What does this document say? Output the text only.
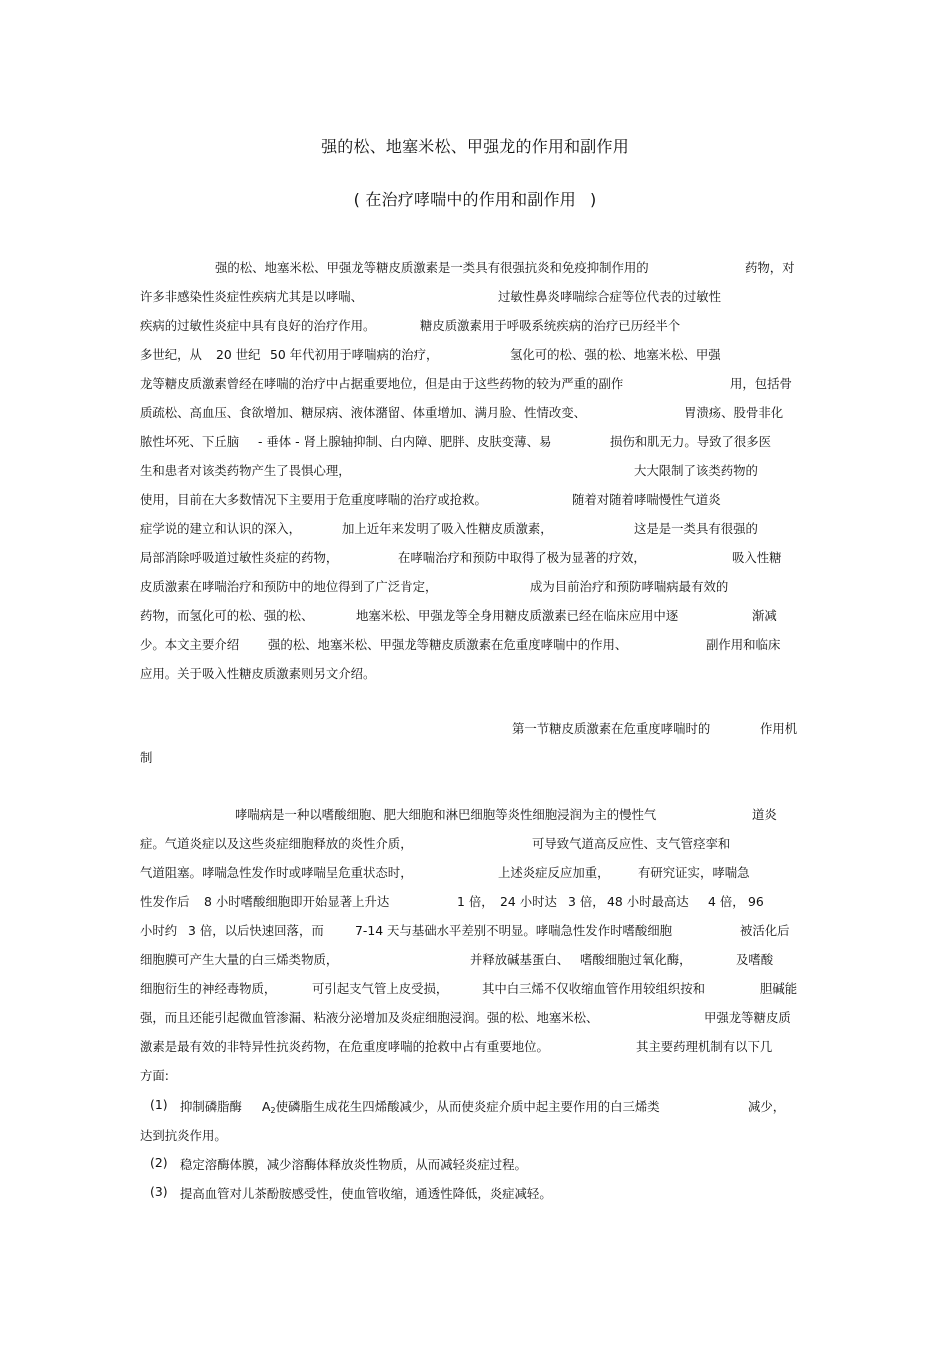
强的松、地塞米松、甲强龙的作用和副作用
( 在治疗哮喘中的作用和副作用 )

强的松、地塞米松、甲强龙等糖皮质激素是一类具有很强抗炎和免疫抑制作用的

	药物，对

许多非感染性炎症性疾病尤其是以哮喘、

	过敏性鼻炎哮喘综合症等位代表的过敏性

疾病的过敏性炎症中具有良好的治疗作用。

	糖皮质激素用于呼吸系统疾病的治疗已历经半个

多世纪，从

20 世纪

50 年代初用于哮喘病的治疗，

	氢化可的松、强的松、地塞米松、甲强

龙等糖皮质激素曾经在哮喘的治疗中占据重要地位，但是由于这些药物的较为严重的副作

	用，包括骨

质疏松、高血压、食欲增加、糖尿病、液体潴留、体重增加、满月脸、性情改变、

	胃溃疡、股骨非化

脓性坏死、下丘脑

- 垂体 - 肾上腺轴抑制、白内障、肥胖、皮肤变薄、易

	损伤和肌无力。导致了很多医

生和患者对该类药物产生了畏惧心理，

	大大限制了该类药物的

使用，目前在大多数情况下主要用于危重度哮喘的治疗或抢救。

	随着对随着哮喘慢性气道炎

症学说的建立和认识的深入，

	加上近年来发明了吸入性糖皮质激素，

	这是是一类具有很强的

局部消除呼吸道过敏性炎症的药物，

	在哮喘治疗和预防中取得了极为显著的疗效，

	吸入性糖

皮质激素在哮喘治疗和预防中的地位得到了广泛肯定，

	成为目前治疗和预防哮喘病最有效的

药物，而氢化可的松、强的松、

	地塞米松、甲强龙等全身用糖皮质激素已经在临床应用中逐

	渐减

少。本文主要介绍

强的松、地塞米松、甲强龙等糖皮质激素在危重度哮喘中的作用、

	副作用和临床

应用。关于吸入性糖皮质激素则另文介绍。

第一节糖皮质激素在危重度哮喘时的

	作用机

制

哮喘病是一种以嗜酸细胞、肥大细胞和淋巴细胞等炎性细胞浸润为主的慢性气

	道炎

症。气道炎症以及这些炎症细胞释放的炎性介质，

	可导致气道高反应性、支气管痉挛和

气道阻塞。哮喘急性发作时或哮喘呈危重状态时，

	上述炎症反应加重，

有研究证实，哮喘急

性发作后

8 小时嗜酸细胞即开始显著上升达

	1 倍，

24 小时达

3 倍，

48 小时最高达

4 倍，

96

小时约

3 倍，以后快速回落，而

	7-14 天与基础水平差别不明显。哮喘急性发作时嗜酸细胞

	被活化后

细胞膜可产生大量的白三烯类物质，

	并释放碱基蛋白、

嗜酸细胞过氧化酶，

	及嗜酸

细胞衍生的神经毒物质，

	可引起支气管上皮受损，

	其中白三烯不仅收缩血管作用较组织按和

	胆碱能

强，而且还能引起微血管渗漏、粘液分泌增加及炎症细胞浸润。强的松、地塞米松、

	甲强龙等糖皮质

激素是最有效的非特异性抗炎药物，在危重度哮喘的抢救中占有重要地位。

	其主要药理机制有以下几

方面:

(1)

抑制磷脂酶

$A_2$使磷脂生成花生四烯酸减少，从而使炎症介质中起主要作用的白三烯类

	减少，

达到抗炎作用。

(2)

稳定溶酶体膜，减少溶酶体释放炎性物质，从而减轻炎症过程。

(3)

提高血管对儿茶酚胺感受性，使血管收缩，通透性降低，炎症减轻。
